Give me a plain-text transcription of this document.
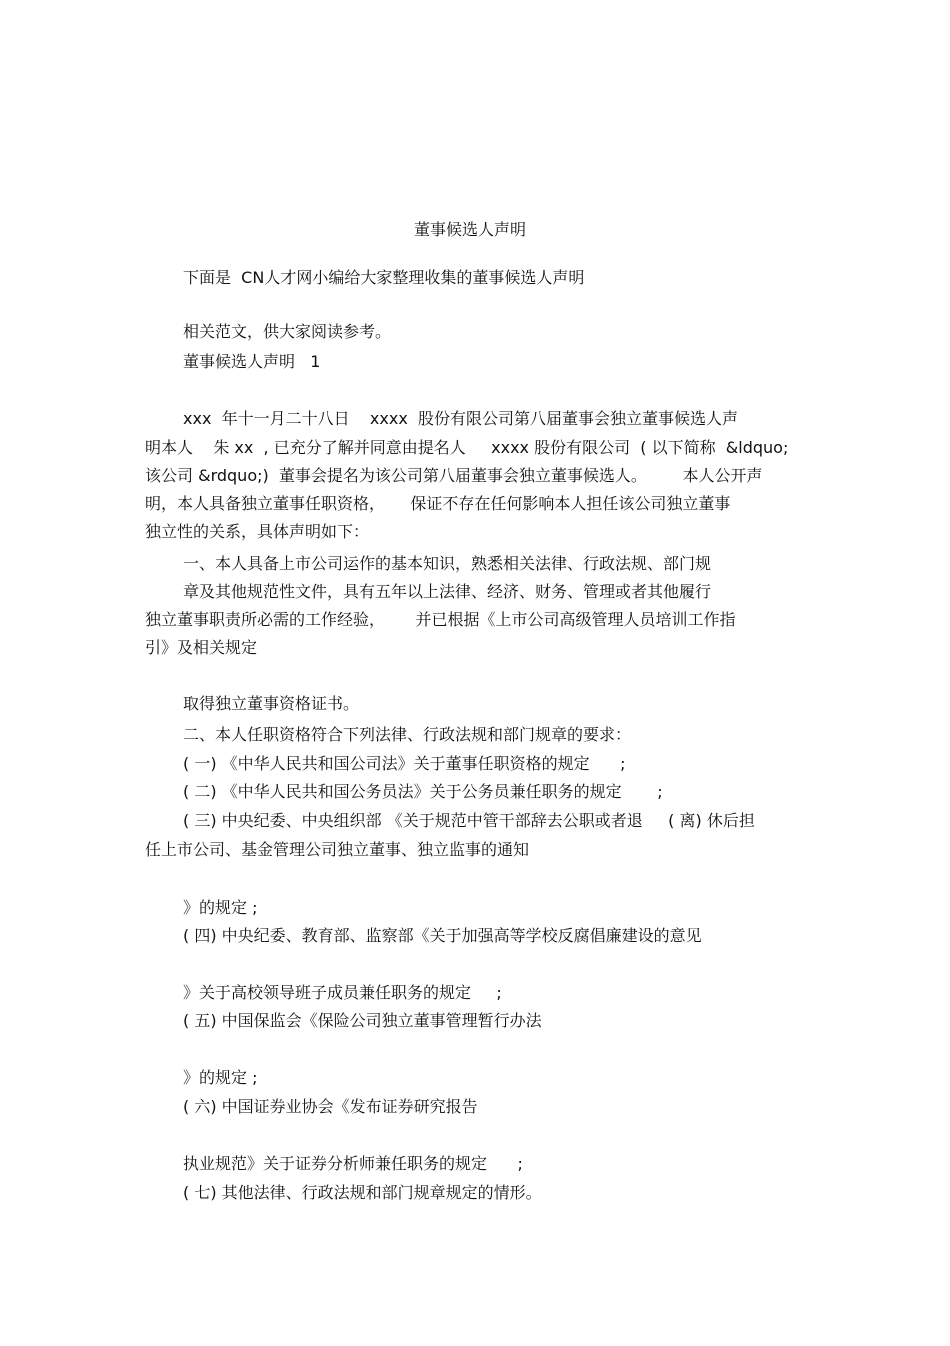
董事候选人声明
下面是  CN人才网小编给大家整理收集的董事候选人声明
相关范文，供大家阅读参考。
董事候选人声明   1
xxx  年十一月二十八日    xxxx  股份有限公司第八届董事会独立董事候选人声
明本人    朱 xx  , 已充分了解并同意由提名人     xxxx 股份有限公司  ( 以下简称  &ldquo;
该公司 &rdquo;)  董事会提名为该公司第八届董事会独立董事候选人。       本人公开声
明，本人具备独立董事任职资格，     保证不存在任何影响本人担任该公司独立董事
独立性的关系，具体声明如下：
一、本人具备上市公司运作的基本知识，熟悉相关法律、行政法规、部门规
章及其他规范性文件，具有五年以上法律、经济、财务、管理或者其他履行
独立董事职责所必需的工作经验，      并已根据《上市公司高级管理人员培训工作指
引》及相关规定
取得独立董事资格证书。
二、本人任职资格符合下列法律、行政法规和部门规章的要求：
( 一) 《中华人民共和国公司法》关于董事任职资格的规定      ;
( 二) 《中华人民共和国公务员法》关于公务员兼任职务的规定       ;
( 三) 中央纪委、中央组织部 《关于规范中管干部辞去公职或者退     ( 离) 休后担
任上市公司、基金管理公司独立董事、独立监事的通知
》的规定 ;
( 四) 中央纪委、教育部、监察部《关于加强高等学校反腐倡廉建设的意见
》关于高校领导班子成员兼任职务的规定     ;
( 五) 中国保监会《保险公司独立董事管理暂行办法
》的规定 ;
( 六) 中国证券业协会《发布证券研究报告
执业规范》关于证券分析师兼任职务的规定      ;
( 七) 其他法律、行政法规和部门规章规定的情形。
